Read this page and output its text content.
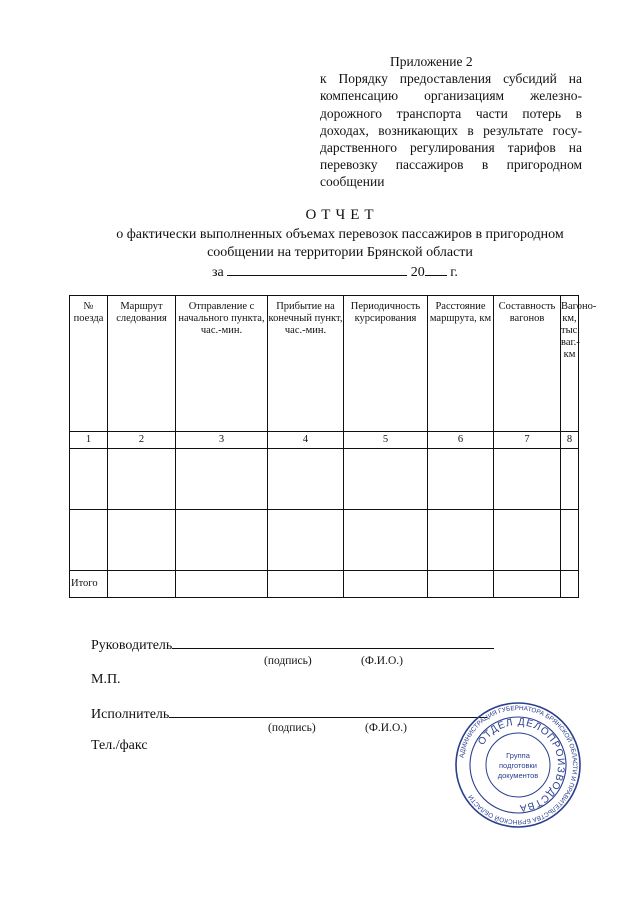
Приложение 2
к Порядку предоставления субсидий на
компенсацию организациям железно-
дорожного транспорта части потерь в
доходах, возникающих в результате госу-
дарственного регулирования тарифов на
перевозку пассажиров в пригородном
сообщении
ОТЧЕТ
о фактически выполненных объемах перевозок пассажиров в пригородном
сообщении на территории Брянской области
за	20 г.
№ поезда	Маршрут следования	Отправление с начального пункта, час.-мин.	Прибытие на конечный пункт, час.-мин.	Периодичность курсирования	Расстояние маршрута, км	Составность вагонов	Вагоно-км, тыс. ваг.-км
1	2	3	4	5	6	7	8

Итого							
Руководитель
(подпись)	(Ф.И.О.)
М.П.
Исполнитель
(подпись)	(Ф.И.О.)
Тел./факс
АДМИНИСТРАЦИЯ ГУБЕРНАТОРА БРЯНСКОЙ ОБЛАСТИ И ПРАВИТЕЛЬСТВА БРЯНСКОЙ ОБЛАСТИ
ОТДЕЛ ДЕЛОПРОИЗВОДСТВА
Группа
подготовки
документов
